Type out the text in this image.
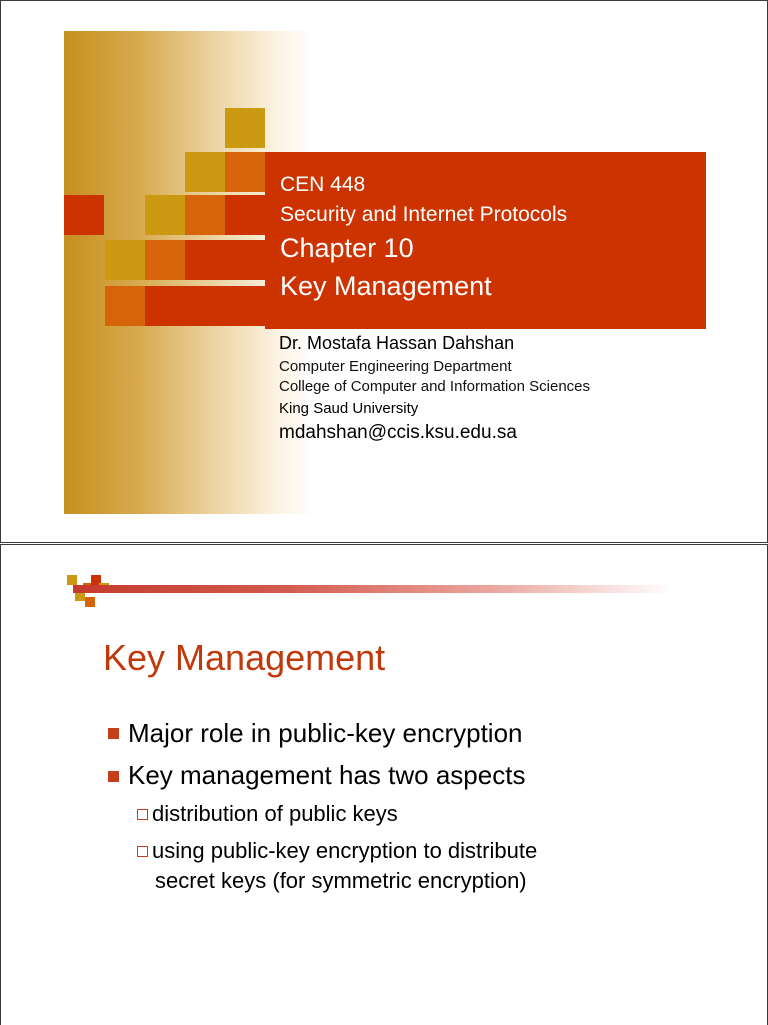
CEN 448
Security and Internet Protocols
Chapter 10
Key Management
Dr. Mostafa Hassan Dahshan
Computer Engineering Department
College of Computer and Information Sciences
King Saud University
mdahshan@ccis.ksu.edu.sa
Key Management
Major role in public-key encryption
Key management has two aspects
distribution of public keys
using public-key encryption to distribute
secret keys (for symmetric encryption)
